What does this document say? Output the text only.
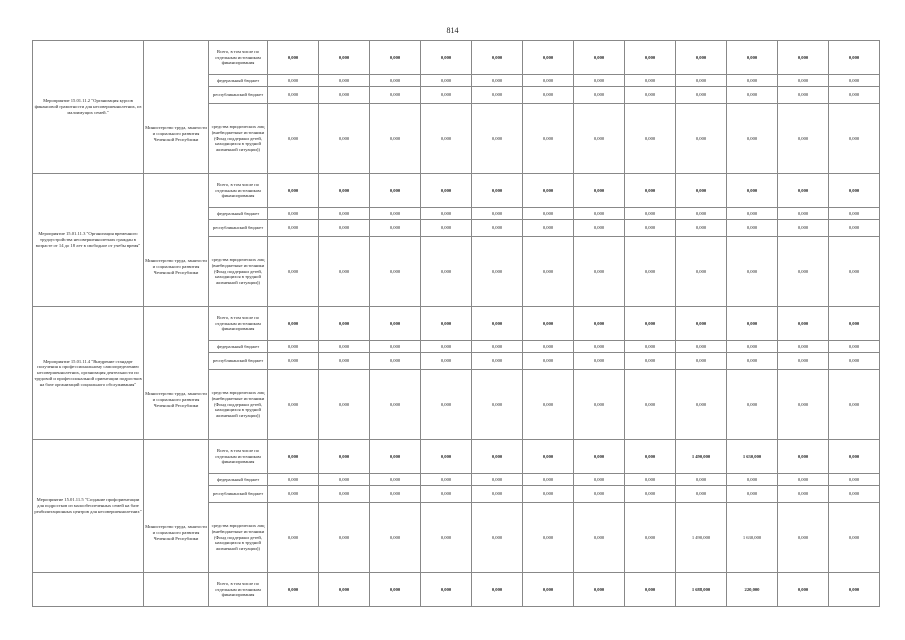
814
Мероприятие 15.01.11.2 "Организация курсов финансовой грамотности для несовершеннолетних, из малоимущих семей."	Министерство труда, занятости и социального развития Чеченской Республики	Всего, в том числе по отдельным источникам финансирования	0,000	0,000	0,000	0,000	0,000	0,000	0,000	0,000	0,000	0,000	0,000	0,000
		федеральный бюджет	0,000	0,000	0,000	0,000	0,000	0,000	0,000	0,000	0,000	0,000	0,000	0,000
		республиканский бюджет	0,000	0,000	0,000	0,000	0,000	0,000	0,000	0,000	0,000	0,000	0,000	0,000
		средства юридических лиц (внебюджетные источники (Фонд поддержки детей, находящихся в трудной жизненной ситуации))	0,000	0,000	0,000	0,000	0,000	0,000	0,000	0,000	0,000	0,000	0,000	0,000
Мероприятие 15.01.11.3 "Организация временного трудоустройства несовершеннолетних граждан в возрасте от 14 до 18 лет в свободное от учебы время"	Министерство труда, занятости и социального развития Чеченской Республики	Всего, в том числе по отдельным источникам финансирования	0,000	0,000	0,000	0,000	0,000	0,000	0,000	0,000	0,000	0,000	0,000	0,000
		федеральный бюджет	0,000	0,000	0,000	0,000	0,000	0,000	0,000	0,000	0,000	0,000	0,000	0,000
		республиканский бюджет	0,000	0,000	0,000	0,000	0,000	0,000	0,000	0,000	0,000	0,000	0,000	0,000
		средства юридических лиц (внебюджетные источники (Фонд поддержки детей, находящихся в трудной жизненной ситуации))	0,000	0,000	0,000	0,000	0,000	0,000	0,000	0,000	0,000	0,000	0,000	0,000
Мероприятие 15.01.11.4 "Внедрение стандарт получения к профессиональному самоопределению несовершеннолетних, организация деятельности по трудовой и профессиональной ориентации подростков на базе организаций социального обслуживания"	Министерство труда, занятости и социального развития Чеченской Республики	Всего, в том числе по отдельным источникам финансирования	0,000	0,000	0,000	0,000	0,000	0,000	0,000	0,000	0,000	0,000	0,000	0,000
		федеральный бюджет	0,000	0,000	0,000	0,000	0,000	0,000	0,000	0,000	0,000	0,000	0,000	0,000
		республиканский бюджет	0,000	0,000	0,000	0,000	0,000	0,000	0,000	0,000	0,000	0,000	0,000	0,000
		средства юридических лиц (внебюджетные источники (Фонд поддержки детей, находящихся в трудной жизненной ситуации))	0,000	0,000	0,000	0,000	0,000	0,000	0,000	0,000	0,000	0,000	0,000	0,000
Мероприятие 15.01.11.5 "Создание профориентации для подростков из малообеспеченных семей на базе реабилитационных центров для несовершеннолетних"	Министерство труда, занятости и социального развития Чеченской Республики	Всего, в том числе по отдельным источникам финансирования	0,000	0,000	0,000	0,000	0,000	0,000	0,000	0,000	1 490,000	1 630,000	0,000	0,000
		федеральный бюджет	0,000	0,000	0,000	0,000	0,000	0,000	0,000	0,000	0,000	0,000	0,000	0,000
		республиканский бюджет	0,000	0,000	0,000	0,000	0,000	0,000	0,000	0,000	0,000	0,000	0,000	0,000
		средства юридических лиц (внебюджетные источники (Фонд поддержки детей, находящихся в трудной жизненной ситуации))	0,000	0,000	0,000	0,000	0,000	0,000	0,000	0,000	1 490,000	1 630,000	0,000	0,000
		Всего, в том числе по отдельным источникам финансирования	0,000	0,000	0,000	0,000	0,000	0,000	0,000	0,000	1 688,000	220,000	0,000	0,000
